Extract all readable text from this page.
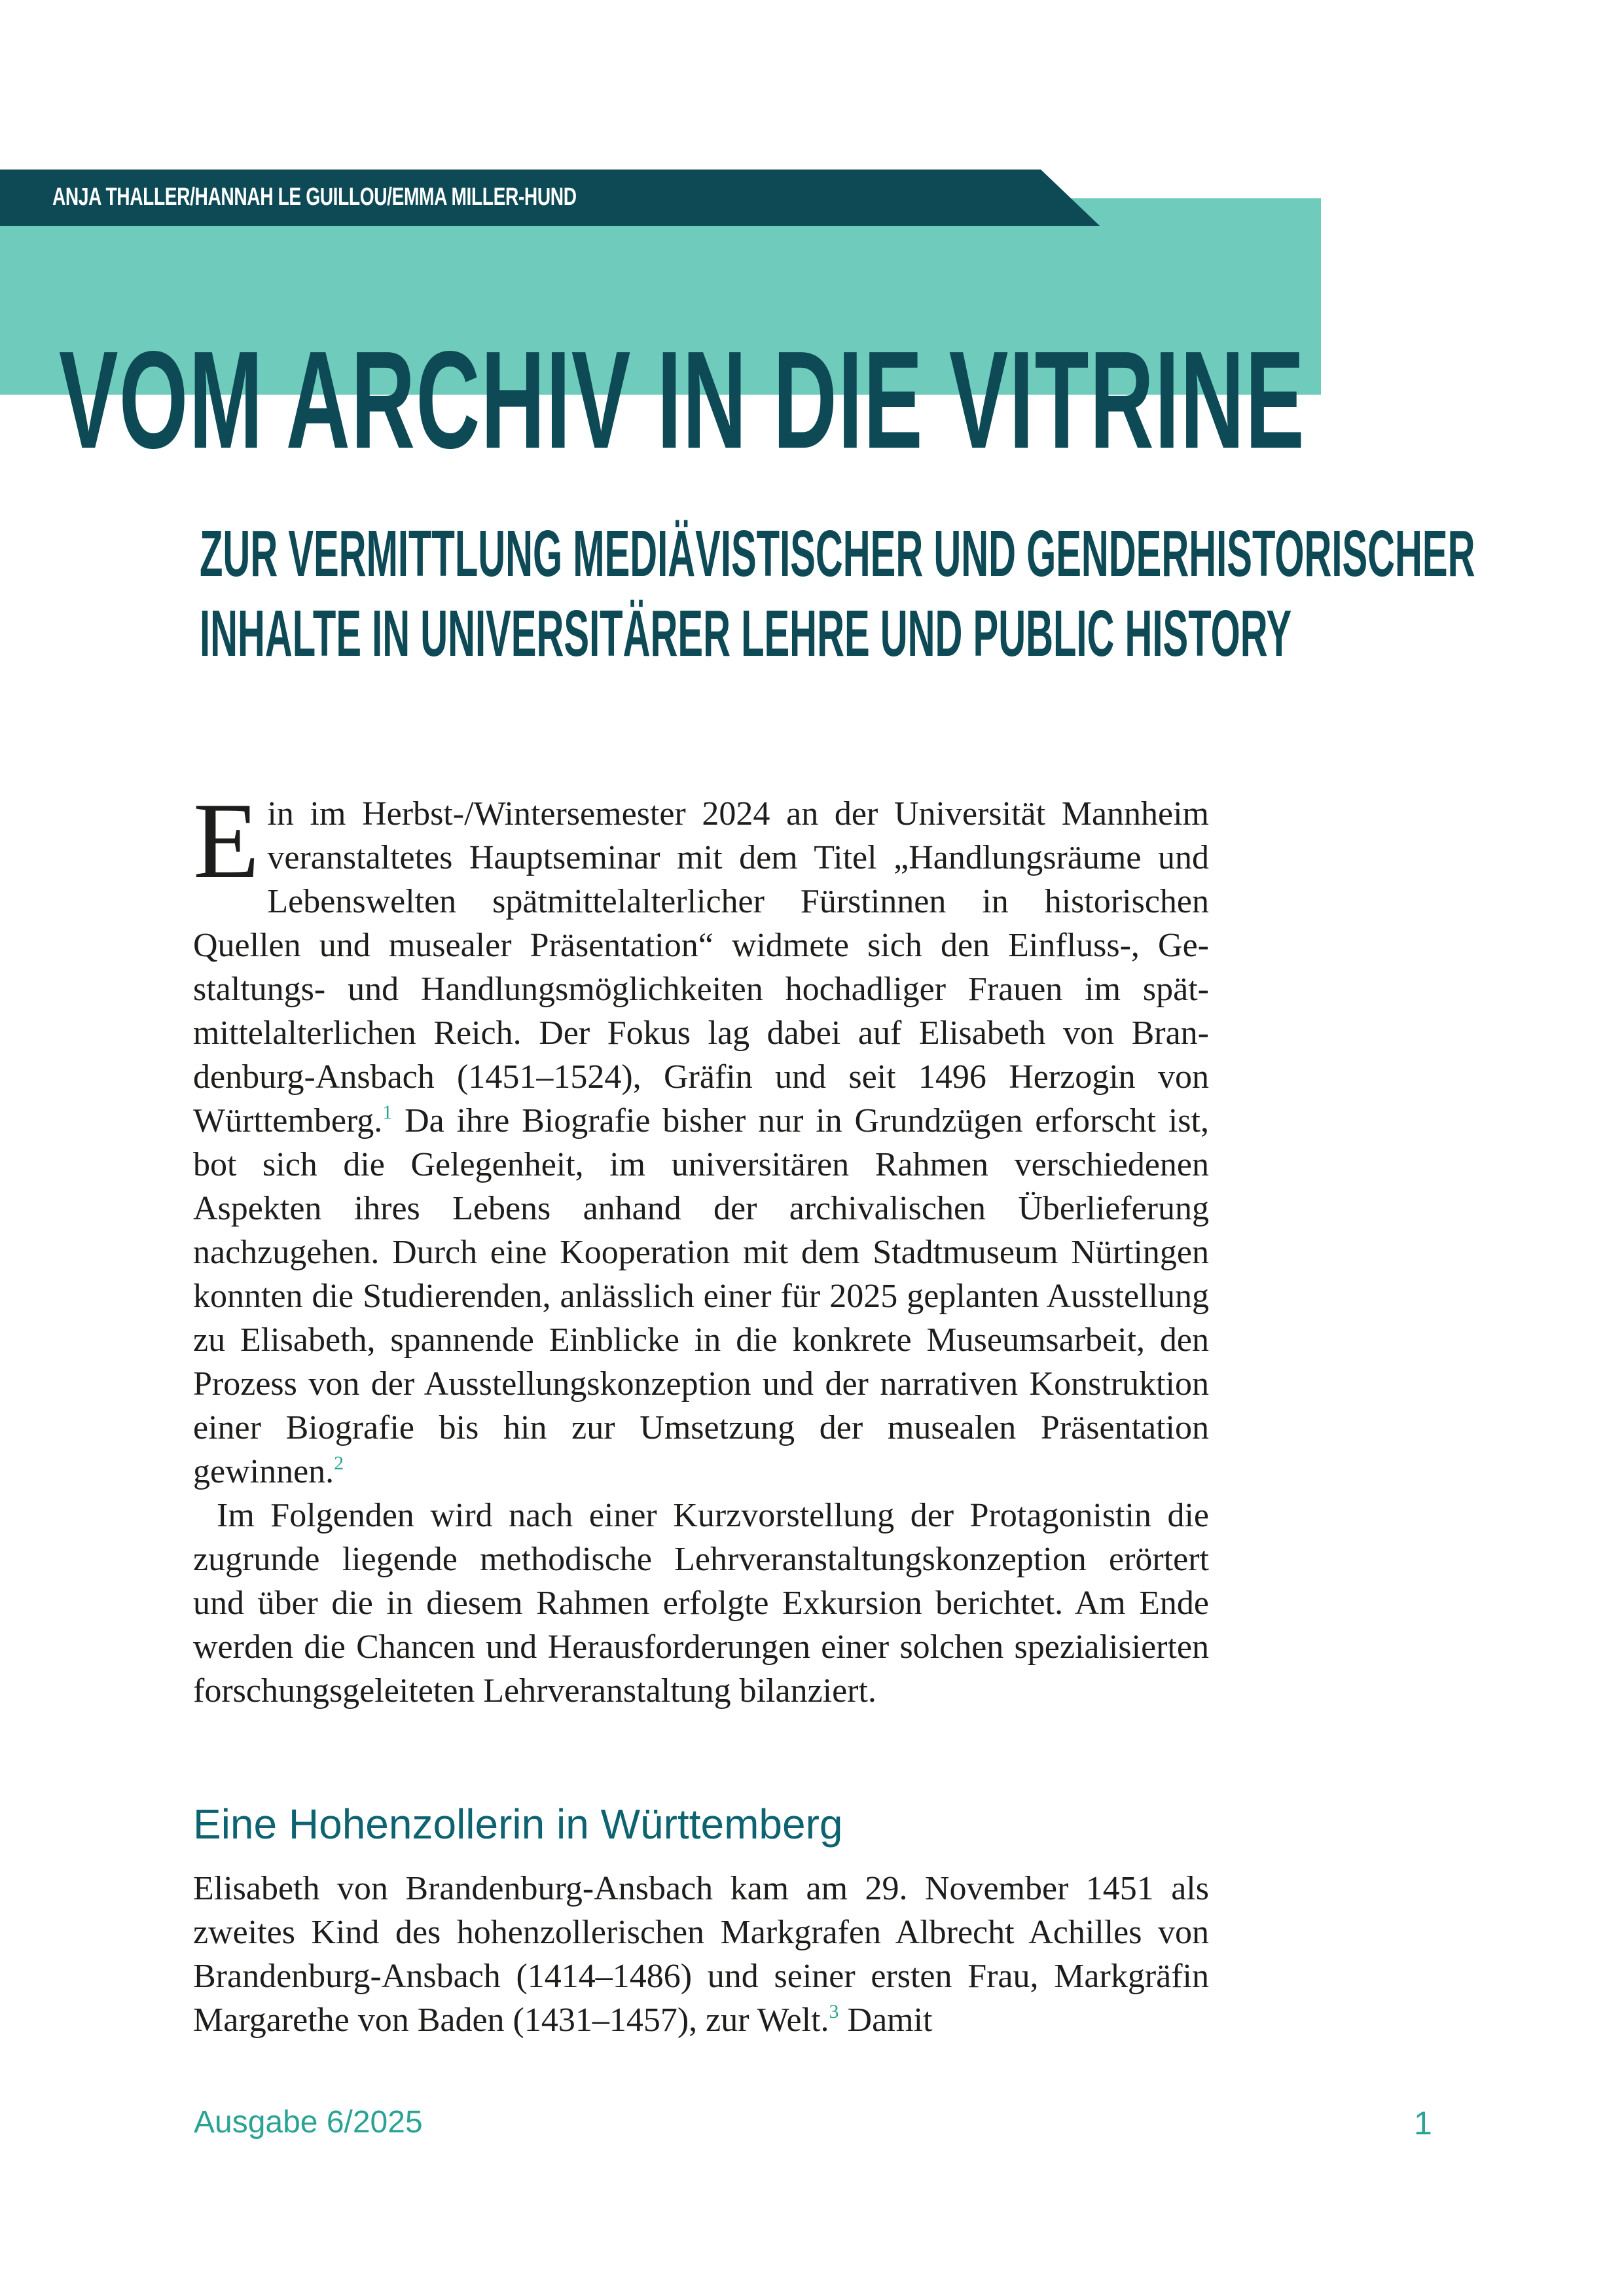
ANJA THALLER/HANNAH LE GUILLOU/EMMA MILLER-HUND
VOM ARCHIV IN DIE VITRINE
ZUR VERMITTLUNG MEDIÄVISTISCHER UND GENDERHISTORISCHER
INHALTE IN UNIVERSITÄRER LEHRE UND PUBLIC HISTORY

Ein im Herbst-/Wintersemester 2024 an der Universität Mannheim veranstaltetes Hauptseminar mit dem Titel „Handlungsräume und Lebenswelten spätmittelalterlicher Fürstinnen in historischen Quellen und musealer Präsentation“ widmete sich den Einfluss-, Gestaltungs- und Handlungsmöglichkeiten hochadliger Frauen im spätmittelalterlichen Reich. Der Fokus lag dabei auf Elisabeth von Brandenburg-Ansbach (1451–1524), Gräfin und seit 1496 Herzogin von Württemberg.$^1$ Da ihre Biografie bisher nur in Grundzügen erforscht ist, bot sich die Gelegenheit, im universitären Rahmen verschiedenen Aspekten ihres Lebens anhand der archivalischen Überlieferung nachzugehen. Durch eine Kooperation mit dem Stadtmuseum Nürtingen konnten die Studierenden, anlässlich einer für 2025 geplanten Ausstellung zu Elisabeth, spannende Einblicke in die konkrete Museumsarbeit, den Prozess von der Ausstellungskonzeption und der narrativen Konstruktion einer Biografie bis hin zur Umsetzung der musealen Präsentation gewinnen.$^2$

Im Folgenden wird nach einer Kurzvorstellung der Protagonistin die zugrunde liegende methodische Lehrveranstaltungskonzeption erörtert und über die in diesem Rahmen erfolgte Exkursion berichtet. Am Ende werden die Chancen und Herausforderungen einer solchen spezialisierten forschungsgeleiteten Lehrveranstaltung bilanziert.

Eine Hohenzollerin in Württemberg

Elisabeth von Brandenburg-Ansbach kam am 29. November 1451 als zweites Kind des hohenzollerischen Markgrafen Albrecht Achilles von Brandenburg-Ansbach (1414–1486) und seiner ersten Frau, Markgräfin Margarethe von Baden (1431–1457), zur Welt.$^3$ Damit

Ausgabe 6/2025	1
